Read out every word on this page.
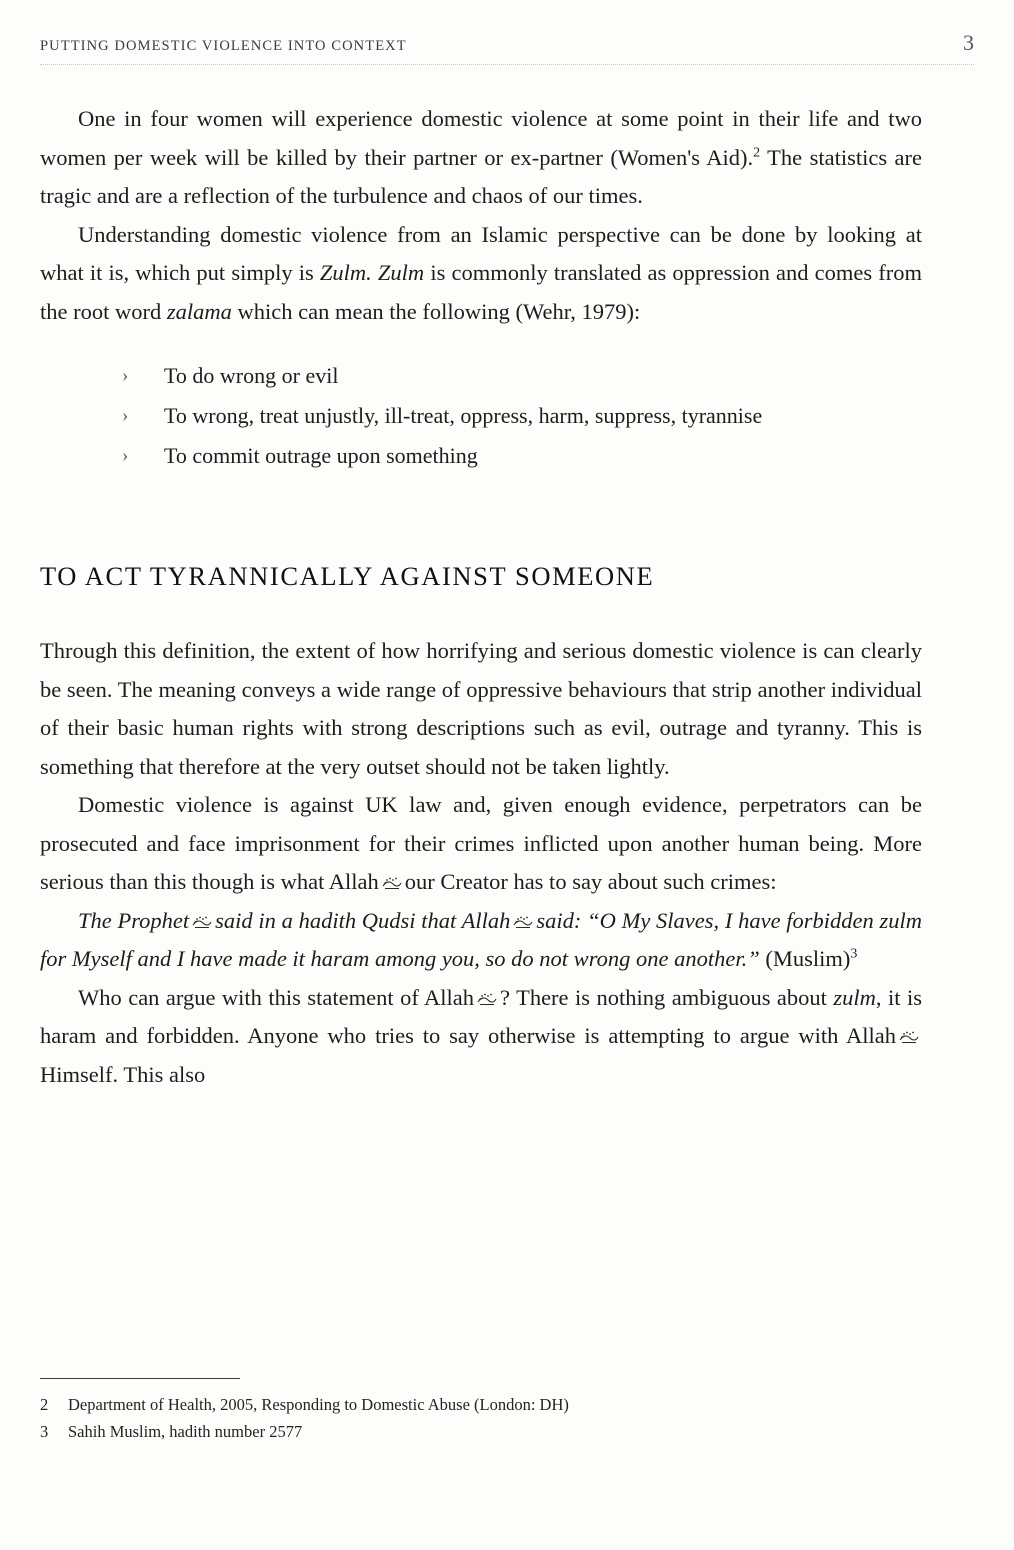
PUTTING DOMESTIC VIOLENCE INTO CONTEXT	3

One in four women will experience domestic violence at some point in their life and two women per week will be killed by their partner or ex-partner (Women's Aid).$^2$ The statistics are tragic and are a reflection of the turbulence and chaos of our times.

Understanding domestic violence from an Islamic perspective can be done by looking at what it is, which put simply is Zulm. Zulm is commonly translated as oppression and comes from the root word zalama which can mean the following (Wehr, 1979):

› To do wrong or evil
› To wrong, treat unjustly, ill-treat, oppress, harm, suppress, tyrannise
› To commit outrage upon something
TO ACT TYRANNICALLY AGAINST SOMEONE

Through this definition, the extent of how horrifying and serious domestic violence is can clearly be seen. The meaning conveys a wide range of oppressive behaviours that strip another individual of their basic human rights with strong descriptions such as evil, outrage and tyranny. This is something that therefore at the very outset should not be taken lightly.

Domestic violence is against UK law and, given enough evidence, perpetrators can be prosecuted and face imprisonment for their crimes inflicted upon another human being. More serious than this though is what Allah our Creator has to say about such crimes:

The Prophet said in a hadith Qudsi that Allah said: “O My Slaves, I have forbidden zulm for Myself and I have made it haram among you, so do not wrong one another.” $(Muslim)^3$

Who can argue with this statement of Allah ? There is nothing ambiguous about zulm, it is haram and forbidden. Anyone who tries to say otherwise is attempting to argue with Allah
Himself. This also

2	Department of Health, 2005, Responding to Domestic Abuse (London: DH)
3	Sahih Muslim, hadith number 2577
